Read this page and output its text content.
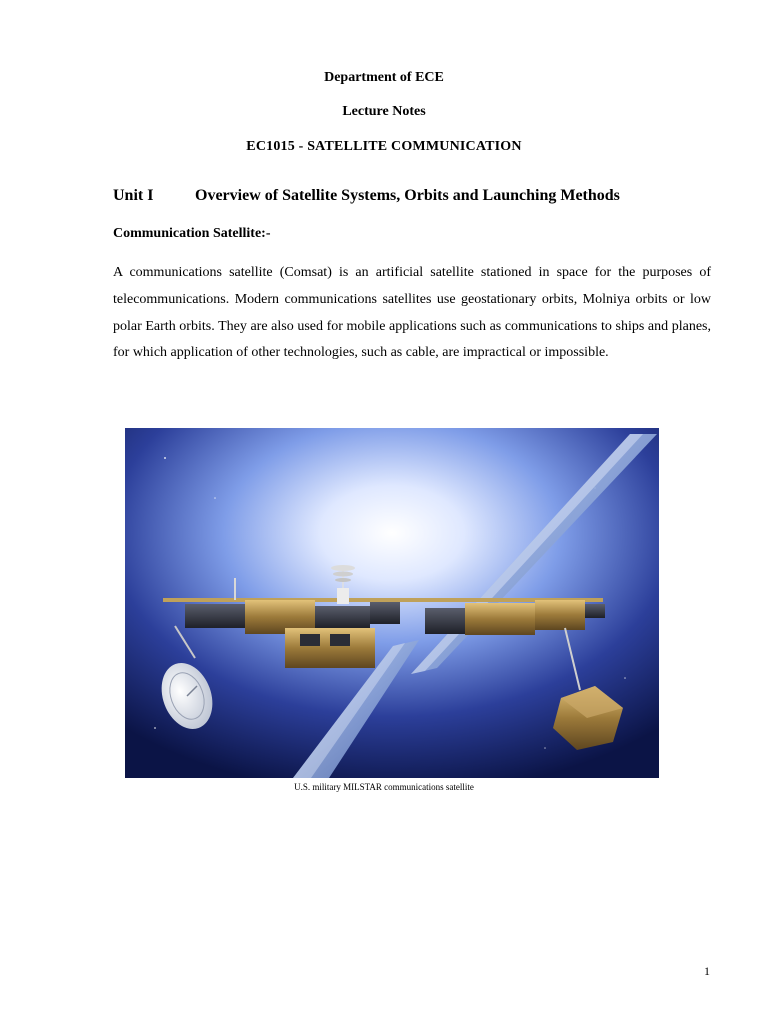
Department of ECE
Lecture Notes
EC1015 - SATELLITE COMMUNICATION
Unit I	Overview of Satellite Systems, Orbits and Launching Methods
Communication Satellite:-
A communications satellite (Comsat) is an artificial satellite stationed in space for the purposes of telecommunications. Modern communications satellites use geostationary orbits, Molniya orbits or low polar Earth orbits. They are also used for mobile applications such as communications to ships and planes, for which application of other technologies, such as cable, are impractical or impossible.
U.S. military MILSTAR communications satellite
1
